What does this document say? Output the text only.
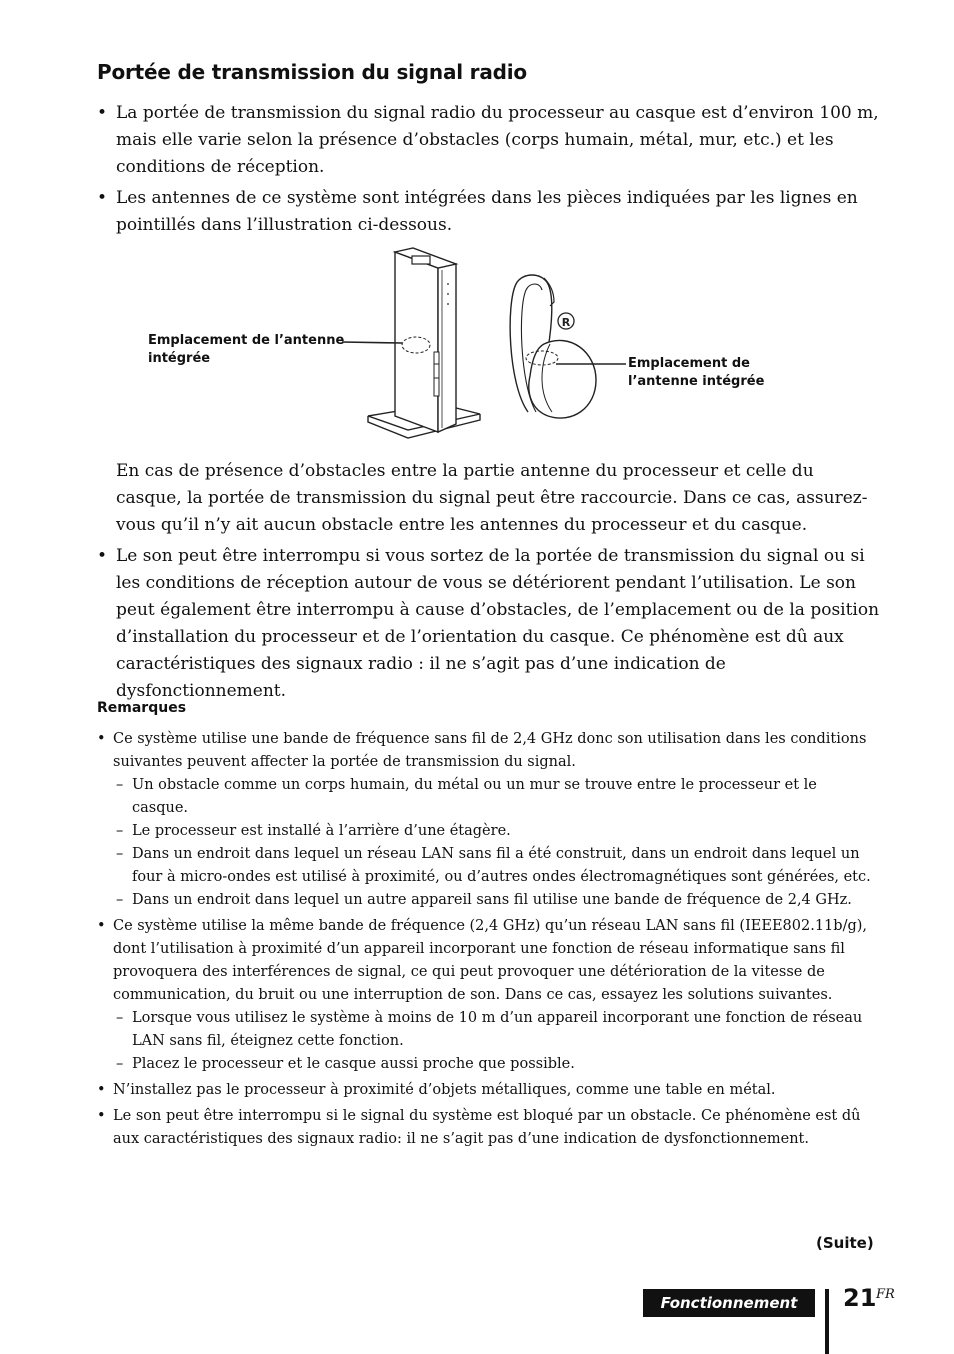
Portée de transmission du signal radio
• La portée de transmission du signal radio du processeur au casque est d’environ 100 m, mais elle varie selon la présence d’obstacles (corps humain, métal, mur, etc.) et les conditions de réception.
• Les antennes de ce système sont intégrées dans les pièces indiquées par les lignes en pointillés dans l’illustration ci-dessous.
R
Emplacement de l’antenne intégrée	Emplacement de l’antenne intégrée
En cas de présence d’obstacles entre la partie antenne du processeur et celle du casque, la portée de transmission du signal peut être raccourcie. Dans ce cas, assurez-vous qu’il n’y ait aucun obstacle entre les antennes du processeur et du casque.
• Le son peut être interrompu si vous sortez de la portée de transmission du signal ou si les conditions de réception autour de vous se détériorent pendant l’utilisation. Le son peut également être interrompu à cause d’obstacles, de l’emplacement ou de la position d’installation du processeur et de l’orientation du casque. Ce phénomène est dû aux caractéristiques des signaux radio : il ne s’agit pas d’une indication de dysfonctionnement.
Remarques
• Ce système utilise une bande de fréquence sans fil de 2,4 GHz donc son utilisation dans les conditions suivantes peuvent affecter la portée de transmission du signal.
– Un obstacle comme un corps humain, du métal ou un mur se trouve entre le processeur et le casque.
– Le processeur est installé à l’arrière d’une étagère.
– Dans un endroit dans lequel un réseau LAN sans fil a été construit, dans un endroit dans lequel un four à micro-ondes est utilisé à proximité, ou d’autres ondes électromagnétiques sont générées, etc.
– Dans un endroit dans lequel un autre appareil sans fil utilise une bande de fréquence de 2,4 GHz.
• Ce système utilise la même bande de fréquence (2,4 GHz) qu’un réseau LAN sans fil (IEEE802.11b/g), dont l’utilisation à proximité d’un appareil incorporant une fonction de réseau informatique sans fil provoquera des interférences de signal, ce qui peut provoquer une détérioration de la vitesse de communication, du bruit ou une interruption de son. Dans ce cas, essayez les solutions suivantes.
– Lorsque vous utilisez le système à moins de 10 m d’un appareil incorporant une fonction de réseau LAN sans fil, éteignez cette fonction.
– Placez le processeur et le casque aussi proche que possible.
• N’installez pas le processeur à proximité d’objets métalliques, comme une table en métal.
• Le son peut être interrompu si le signal du système est bloqué par un obstacle. Ce phénomène est dû aux caractéristiques des signaux radio: il ne s’agit pas d’une indication de dysfonctionnement.
(Suite)
Fonctionnement	21 FR
